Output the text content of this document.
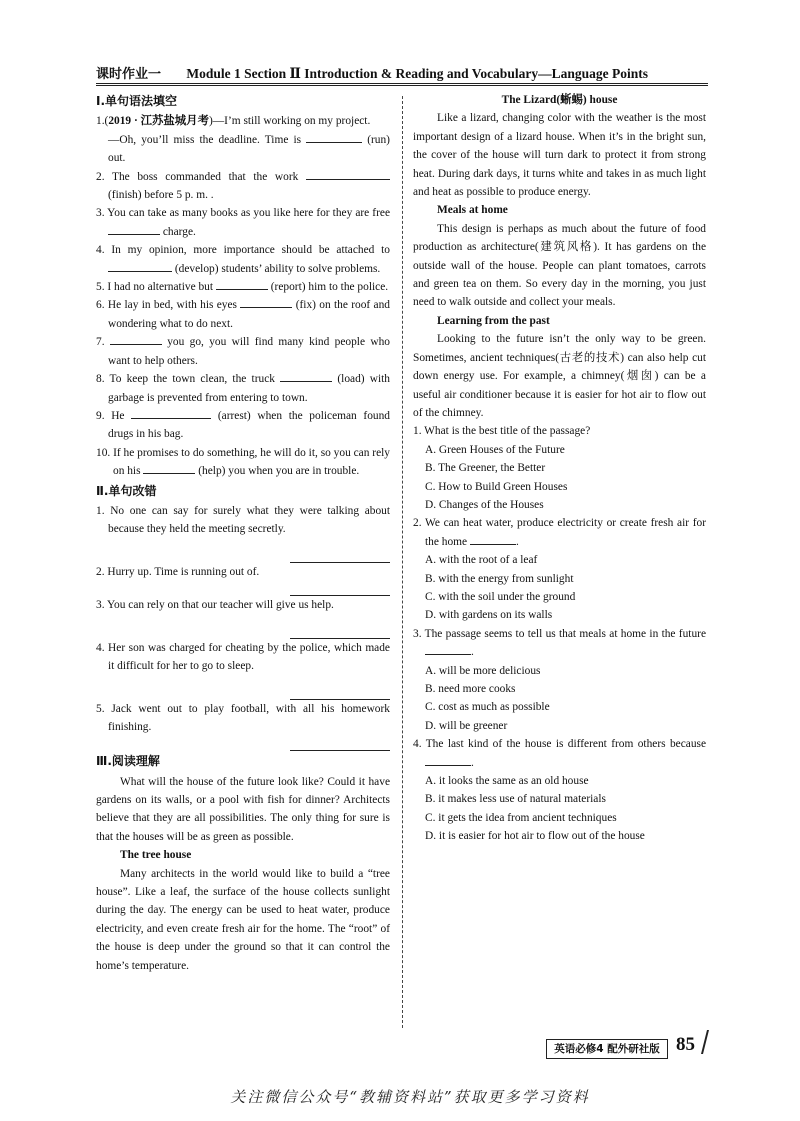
课时作业一 Module 1 Section Ⅱ Introduction & Reading and Vocabulary—Language Points
Ⅰ.单句语法填空
1.(2019 · 江苏盐城月考)—I’m still working on my project.
—Oh, you’ll miss the deadline. Time is	(run) out.
2. The boss commanded that the work  (finish) before 5 p. m. .
3. You can take as many books as you like here for they are free  charge.
4. In my opinion, more importance should be attached to  (develop) students’ ability to solve problems.
5. I had no alternative but	(report) him to the police.
6. He lay in bed, with his eyes	(fix) on the roof and wondering what to do next.
7.	you go, you will find many kind people who want to help others.
8. To keep the town clean, the truck	(load) with garbage is prevented from entering to town.
9. He	(arrest) when the policeman found drugs in his bag.
10. If he promises to do something, he will do it, so you can rely on his	(help) you when you are in trouble.
Ⅱ.单句改错
1. No one can say for surely what they were talking about because they held the meeting secretly.
2. Hurry up. Time is running out of.
3. You can rely on that our teacher will give us help.
4. Her son was charged for cheating by the police, which made it difficult for her to go to sleep.
5. Jack went out to play football, with all his homework finishing.
Ⅲ.阅读理解
What will the house of the future look like? Could it have gardens on its walls, or a pool with fish for dinner? Architects believe that they are all possibilities. The only thing for sure is that the houses will be as green as possible.
The tree house
Many architects in the world would like to build a “tree house”. Like a leaf, the surface of the house collects sunlight during the day. The energy can be used to heat water, produce electricity, and even create fresh air for the home. The “root” of the house is deep under the ground so that it can control the home’s temperature.
The Lizard(蜥蜴) house
Like a lizard, changing color with the weather is the most important design of a lizard house. When it’s in the bright sun, the cover of the house will turn dark to protect it from strong heat. During dark days, it turns white and takes in as much light and heat as possible to produce energy.
Meals at home
This design is perhaps as much about the future of food production as architecture(建筑风格). It has gardens on the outside wall of the house. People can plant tomatoes, carrots and green tea on them. So every day in the morning, you just need to walk outside and collect your meals.
Learning from the past
Looking to the future isn’t the only way to be green. Sometimes, ancient techniques(古老的技术) can also help cut down energy use. For example, a chimney(烟囱) can be a useful air conditioner because it is easier for hot air to flow out of the chimney.
1. What is the best title of the passage?
A. Green Houses of the Future
B. The Greener, the Better
C. How to Build Green Houses
D. Changes of the Houses
2. We can heat water, produce electricity or create fresh air for the home	.
A. with the root of a leaf
B. with the energy from sunlight
C. with the soil under the ground
D. with gardens on its walls
3. The passage seems to tell us that meals at home in the future .
A. will be more delicious
B. need more cooks
C. cost as much as possible
D. will be greener
4. The last kind of the house is different from others because .
A. it looks the same as an old house
B. it makes less use of natural materials
C. it gets the idea from ancient techniques
D. it is easier for hot air to flow out of the house
英语必修4 配外研社版 85
关注微信公众号“教辅资料站”获取更多学习资料
